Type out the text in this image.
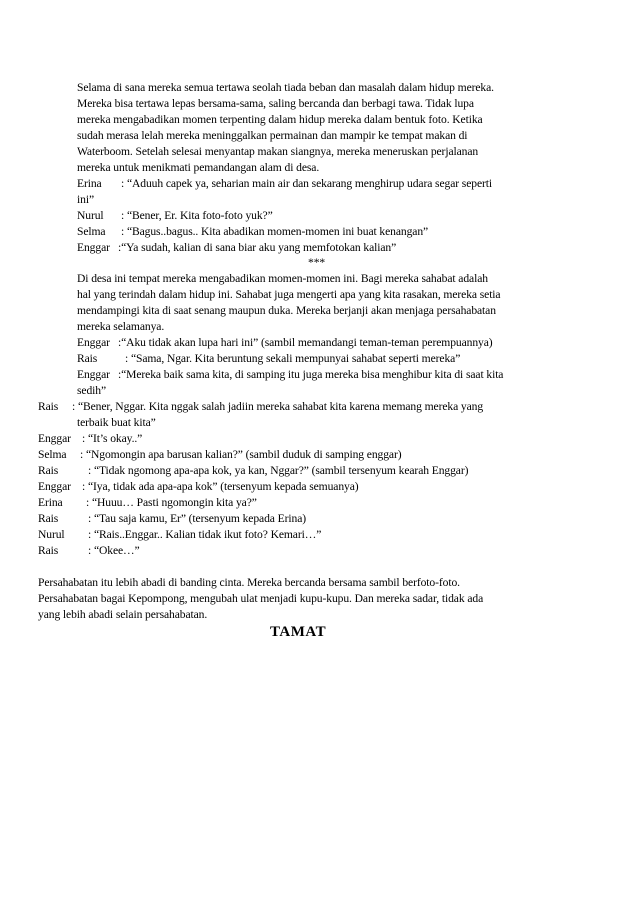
Selama di sana mereka semua tertawa seolah tiada beban dan masalah dalam hidup mereka.
Mereka bisa tertawa lepas bersama-sama, saling bercanda dan berbagi tawa. Tidak lupa
mereka mengabadikan momen terpenting dalam hidup mereka dalam bentuk foto. Ketika
sudah merasa lelah mereka meninggalkan permainan dan mampir ke tempat makan di
Waterboom. Setelah selesai menyantap makan siangnya, mereka meneruskan perjalanan
mereka untuk menikmati pemandangan alam di desa.
Erina : “Aduuh capek ya, seharian main air dan sekarang menghirup udara segar seperti
ini”
Nurul : “Bener, Er. Kita foto-foto yuk?”
Selma : “Bagus..bagus.. Kita abadikan momen-momen ini buat kenangan”
Enggar :“Ya sudah, kalian di sana biar aku yang memfotokan kalian”
***
Di desa ini tempat mereka mengabadikan momen-momen ini. Bagi mereka sahabat adalah
hal yang terindah dalam hidup ini. Sahabat juga mengerti apa yang kita rasakan, mereka setia
mendampingi kita di saat senang maupun duka. Mereka berjanji akan menjaga persahabatan
mereka selamanya.
Enggar :“Aku tidak akan lupa hari ini” (sambil memandangi teman-teman perempuannya)
Rais : “Sama, Ngar. Kita beruntung sekali mempunyai sahabat seperti mereka”
Enggar :“Mereka baik sama kita, di samping itu juga mereka bisa menghibur kita di saat kita
sedih”
Rais : “Bener, Nggar. Kita nggak salah jadiin mereka sahabat kita karena memang mereka yang
terbaik buat kita”
Enggar : “It’s okay..”
Selma : “Ngomongin apa barusan kalian?” (sambil duduk di samping enggar)
Rais	: “Tidak ngomong apa-apa kok, ya kan, Nggar?” (sambil tersenyum kearah Enggar)
Enggar : “Iya, tidak ada apa-apa kok” (tersenyum kepada semuanya)
Erina : “Huuu… Pasti ngomongin kita ya?”
Rais	: “Tau saja kamu, Er” (tersenyum kepada Erina)
Nurul : “Rais..Enggar.. Kalian tidak ikut foto? Kemari…”
Rais	: “Okee…”
Persahabatan itu lebih abadi di banding cinta. Mereka bercanda bersama sambil berfoto-foto.
Persahabatan bagai Kepompong, mengubah ulat menjadi kupu-kupu. Dan mereka sadar, tidak ada
yang lebih abadi selain persahabatan.
TAMAT
